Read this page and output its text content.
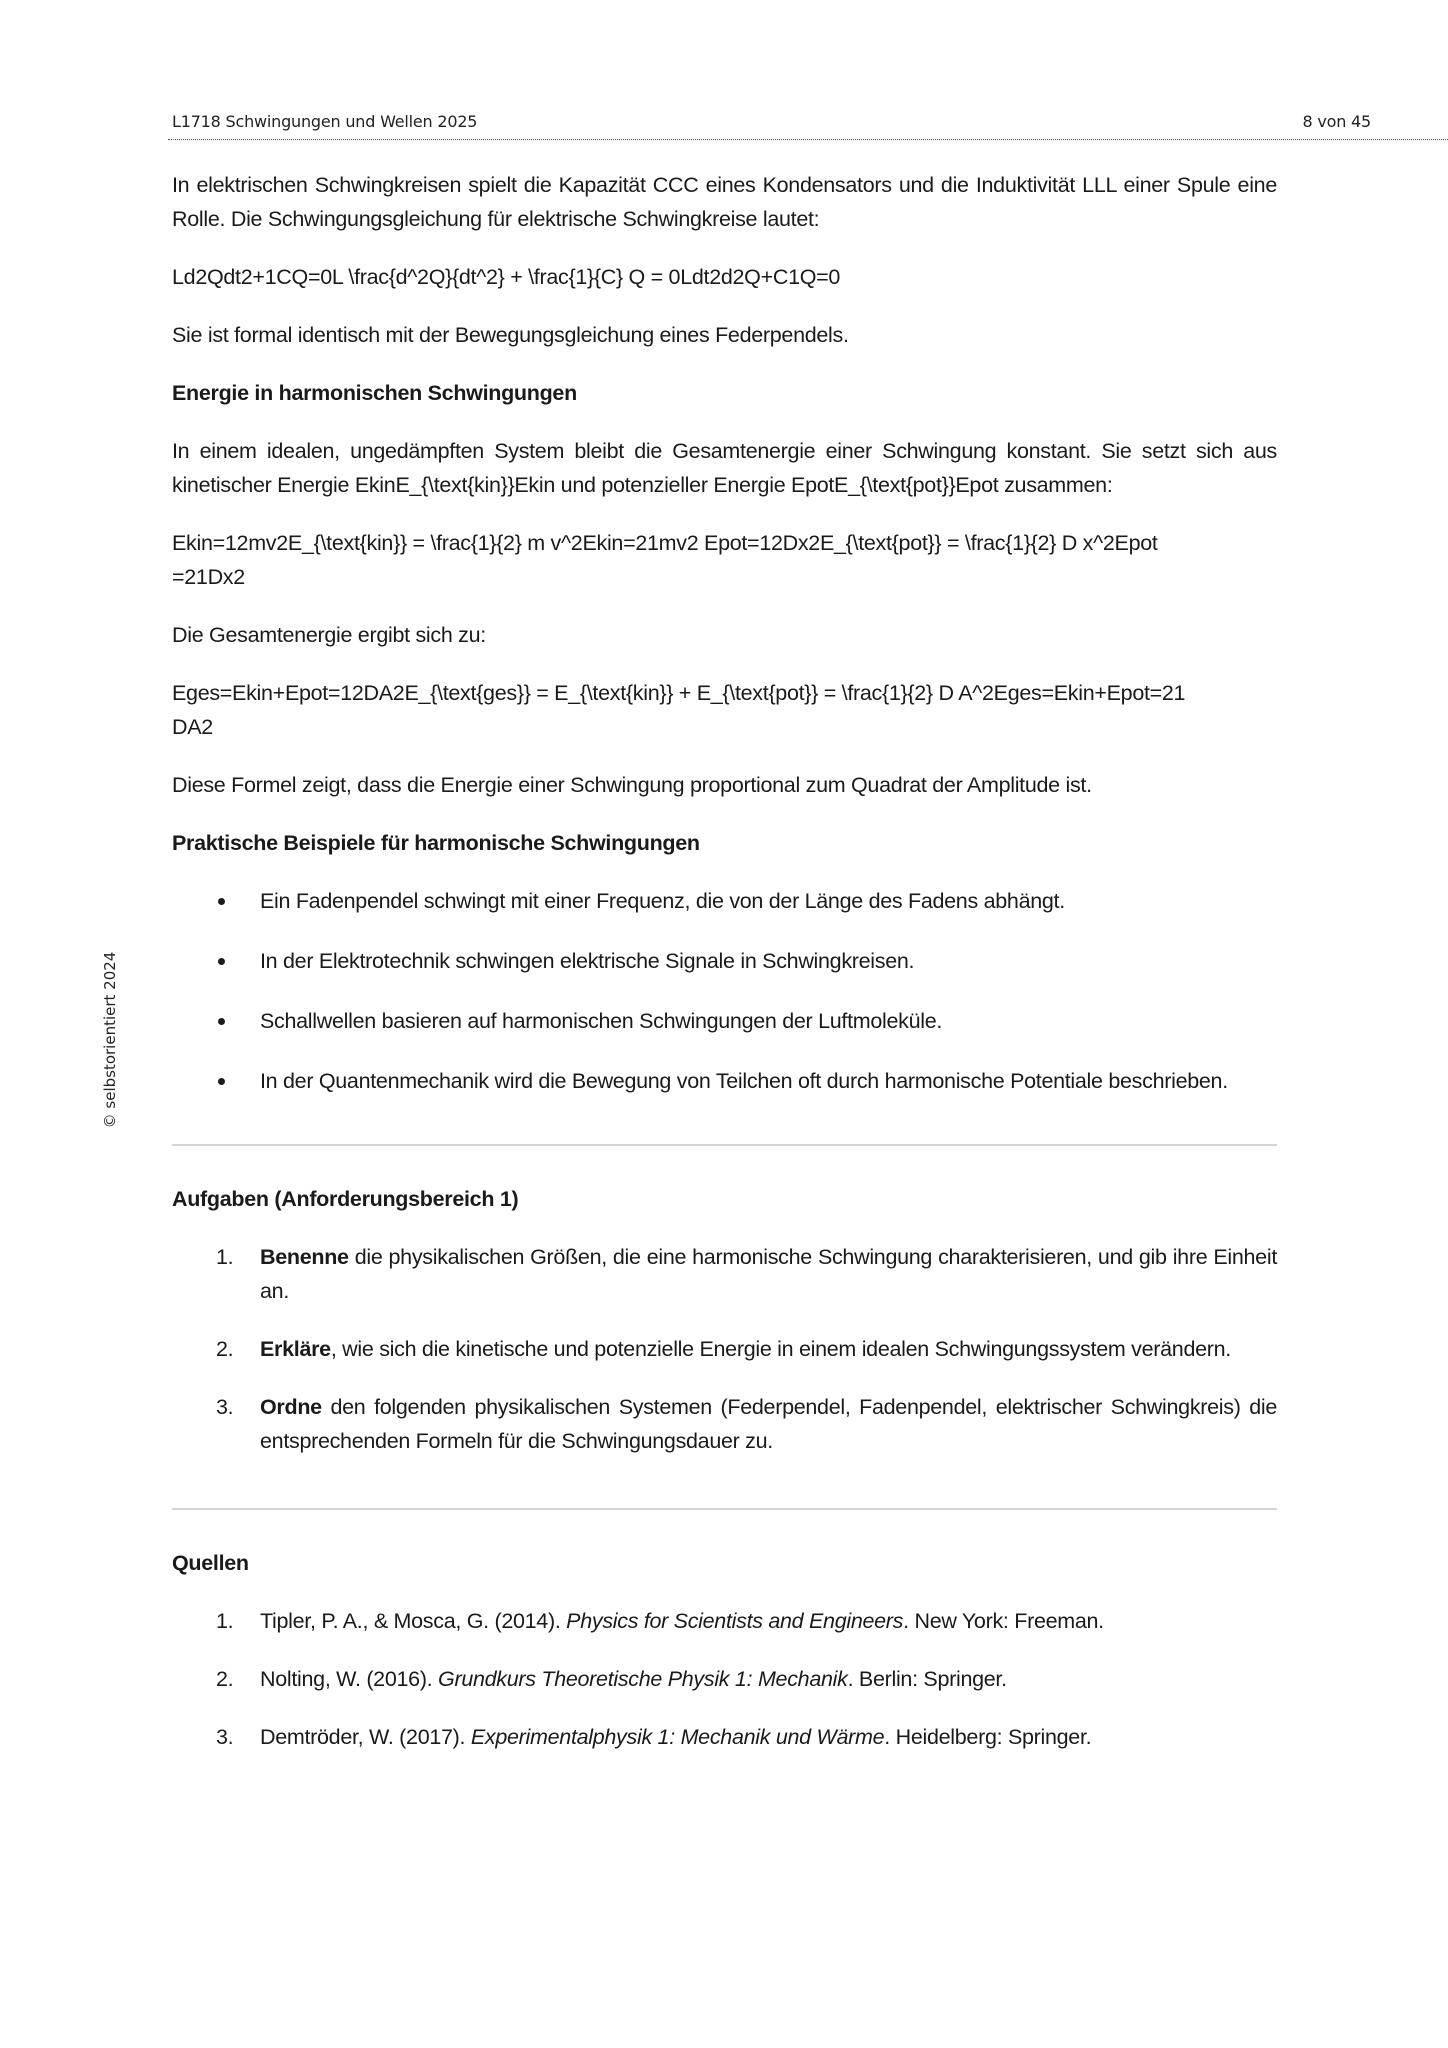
L1718 Schwingungen und Wellen 2025	8 von 45
© selbstorientiert 2024

In elektrischen Schwingkreisen spielt die Kapazität CCC eines Kondensators und die Induktivität LLL einer Spule eine Rolle. Die Schwingungsgleichung für elektrische Schwingkreise lautet:

Ld2Qdt2+1CQ=0L \frac{d^2Q}{dt^2} + \frac{1}{C} Q = 0Ldt2d2Q+C1Q=0

Sie ist formal identisch mit der Bewegungsgleichung eines Federpendels.

Energie in harmonischen Schwingungen

In einem idealen, ungedämpften System bleibt die Gesamtenergie einer Schwingung konstant. Sie setzt sich aus kinetischer Energie EkinE_{\text{kin}}Ekin und potenzieller Energie EpotE_{\text{pot}}Epot zusammen:

Ekin=12mv2E_{\text{kin}} = \frac{1}{2} m v^2Ekin=21mv2 Epot=12Dx2E_{\text{pot}} = \frac{1}{2} D x^2Epot
=21Dx2

Die Gesamtenergie ergibt sich zu:

Eges=Ekin+Epot=12DA2E_{\text{ges}} = E_{\text{kin}} + E_{\text{pot}} = \frac{1}{2} D A^2Eges=Ekin+Epot=21
DA2

Diese Formel zeigt, dass die Energie einer Schwingung proportional zum Quadrat der Amplitude ist.

Praktische Beispiele für harmonische Schwingungen
Ein Fadenpendel schwingt mit einer Frequenz, die von der Länge des Fadens abhängt.
In der Elektrotechnik schwingen elektrische Signale in Schwingkreisen.
Schallwellen basieren auf harmonischen Schwingungen der Luftmoleküle.
In der Quantenmechanik wird die Bewegung von Teilchen oft durch harmonische Potentiale beschrieben.
Aufgaben (Anforderungsbereich 1)
1. Benenne die physikalischen Größen, die eine harmonische Schwingung charakterisieren, und gib ihre Einheit an.
2. Erkläre, wie sich die kinetische und potenzielle Energie in einem idealen Schwingungssystem verändern.
3. Ordne den folgenden physikalischen Systemen (Federpendel, Fadenpendel, elektrischer Schwingkreis) die entsprechenden Formeln für die Schwingungsdauer zu.
Quellen
1. Tipler, P. A., & Mosca, G. (2014). Physics for Scientists and Engineers. New York: Freeman.
2. Nolting, W. (2016). Grundkurs Theoretische Physik 1: Mechanik. Berlin: Springer.
3. Demtröder, W. (2017). Experimentalphysik 1: Mechanik und Wärme. Heidelberg: Springer.
